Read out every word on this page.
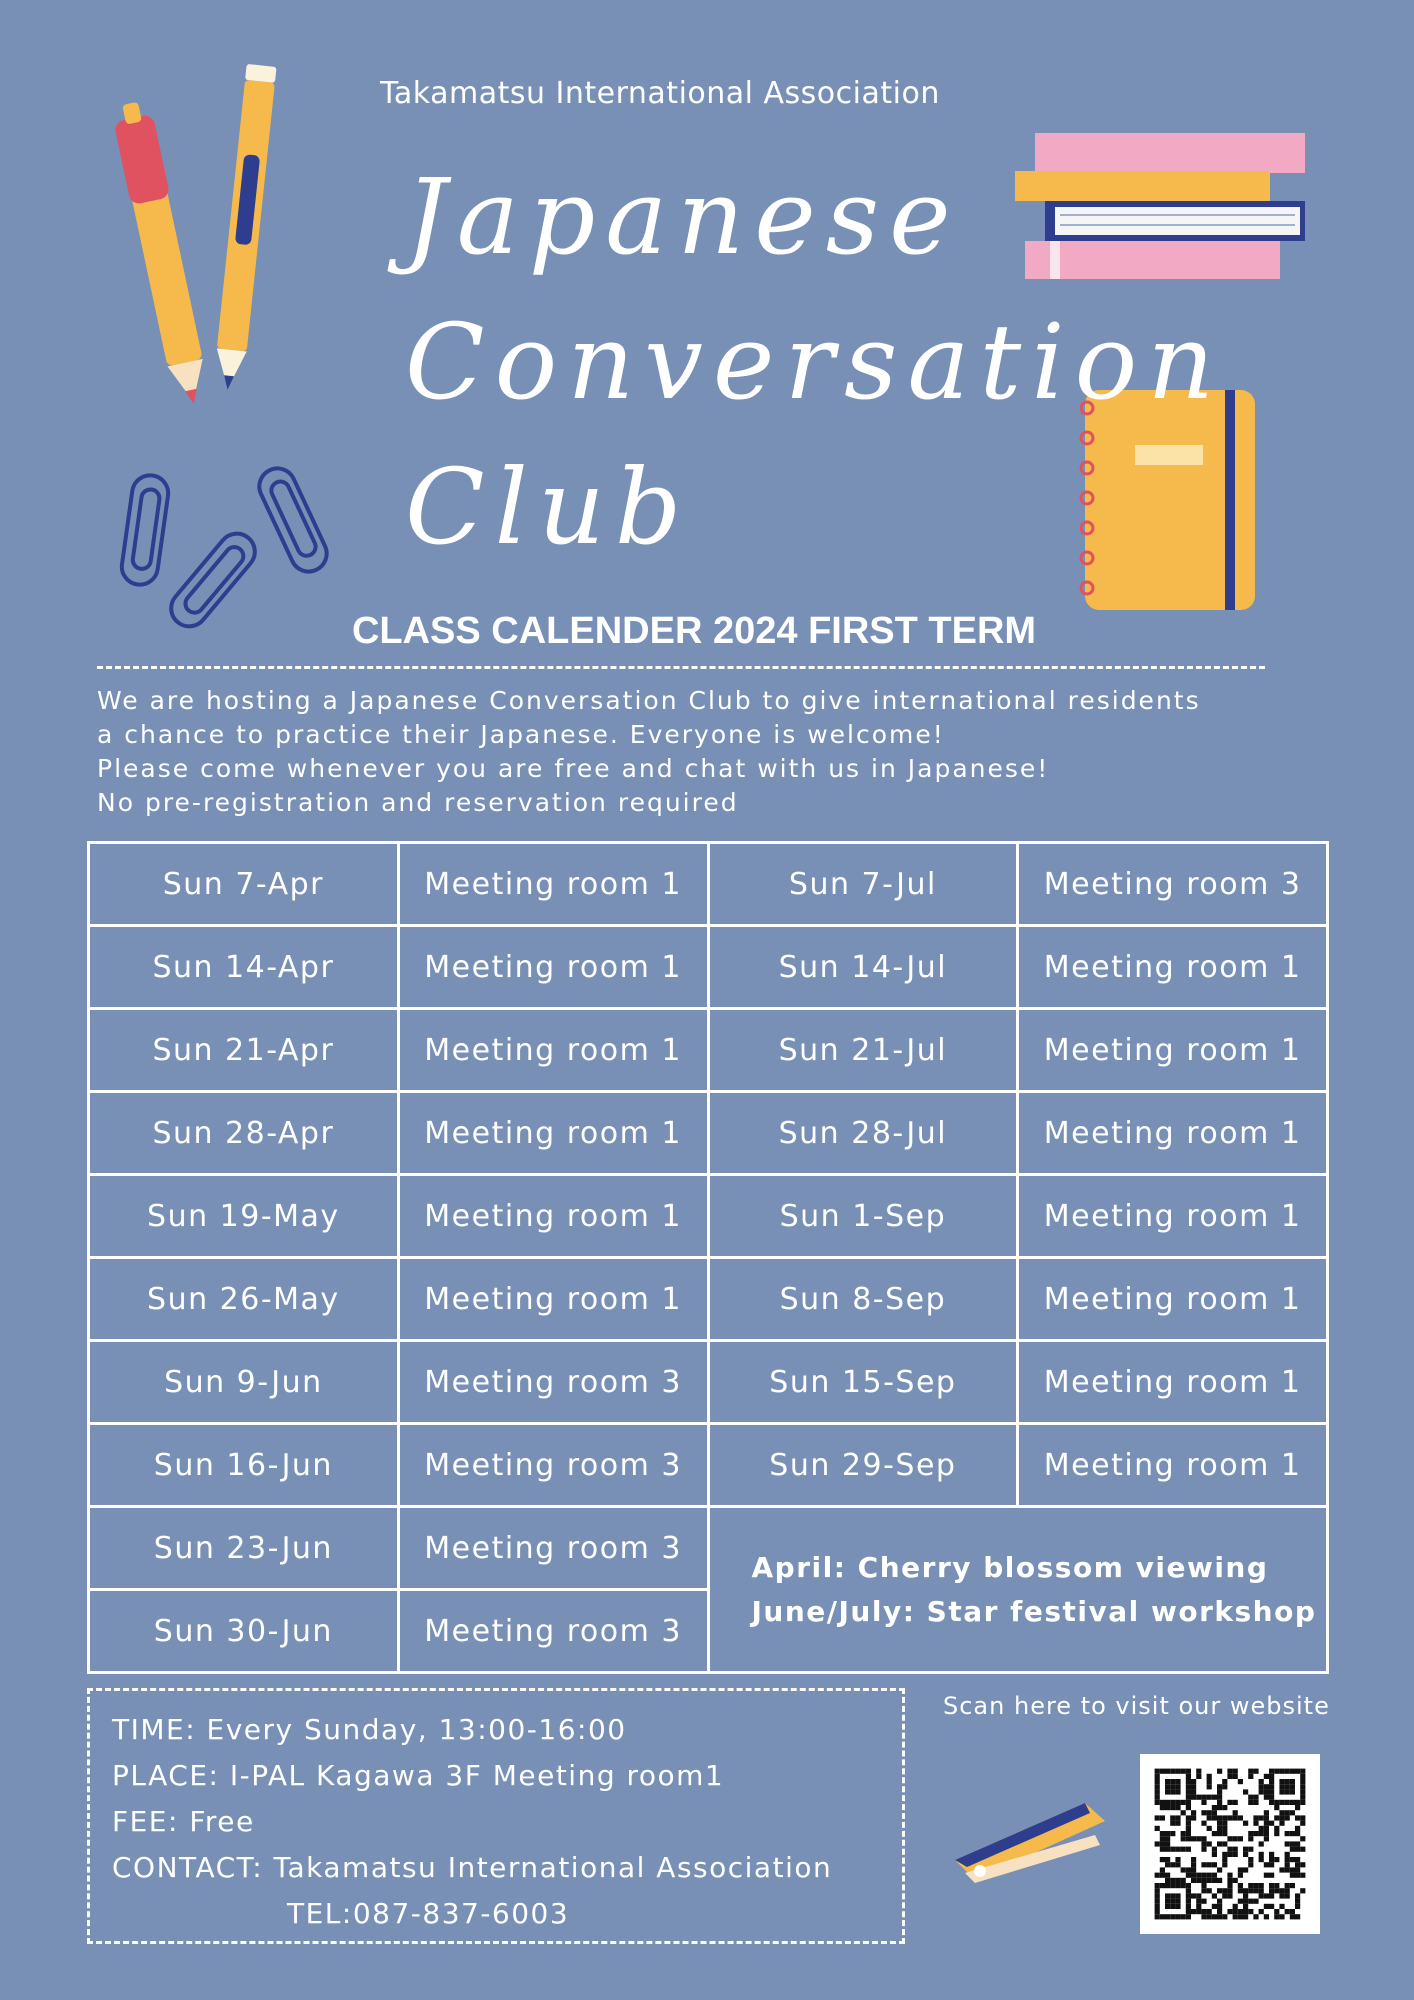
Takamatsu International Association
Japanese
Conversation
Club
CLASS CALENDER 2024 FIRST TERM
We are hosting a Japanese Conversation Club to give international residents
a chance to practice their Japanese. Everyone is welcome!
Please come whenever you are free and chat with us in Japanese!
No pre-registration and reservation required
Sun 7-Apr	Meeting room 1	Sun 7-Jul	Meeting room 3
Sun 14-Apr	Meeting room 1	Sun 14-Jul	Meeting room 1
Sun 21-Apr	Meeting room 1	Sun 21-Jul	Meeting room 1
Sun 28-Apr	Meeting room 1	Sun 28-Jul	Meeting room 1
Sun 19-May	Meeting room 1	Sun 1-Sep	Meeting room 1
Sun 26-May	Meeting room 1	Sun 8-Sep	Meeting room 1
Sun 9-Jun	Meeting room 3	Sun 15-Sep	Meeting room 1
Sun 16-Jun	Meeting room 3	Sun 29-Sep	Meeting room 1
Sun 23-Jun	Meeting room 3	April: Cherry blossom viewing
June/July: Star festival workshop	

Sun 30-Jun	Meeting room 3		
TIME: Every Sunday, 13:00-16:00
PLACE: I-PAL Kagawa 3F Meeting room1
FEE: Free
CONTACT: Takamatsu International Association
TEL:087-837-6003
Scan here to visit our website
